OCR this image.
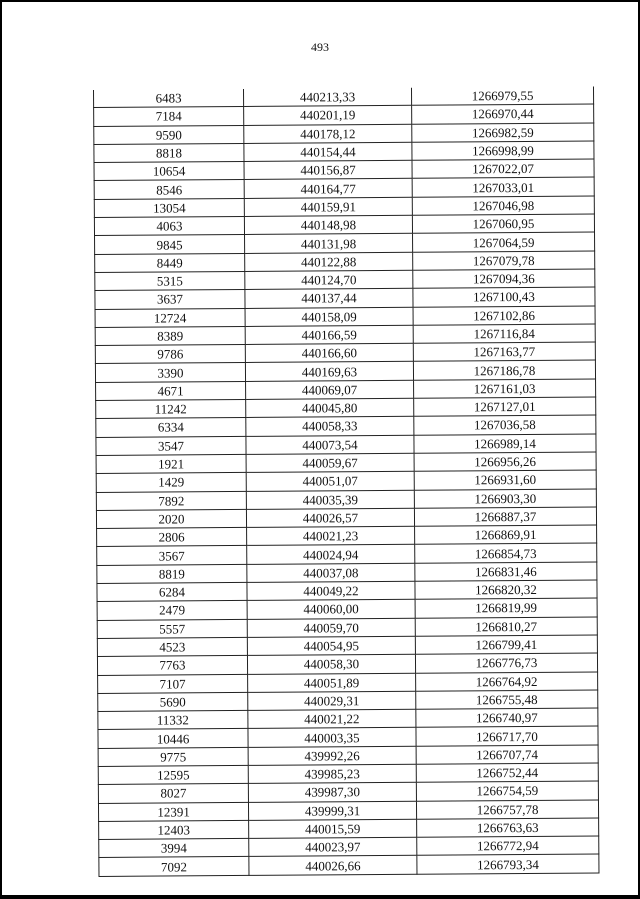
493
6483	440213,33	1266979,55
7184	440201,19	1266970,44
9590	440178,12	1266982,59
8818	440154,44	1266998,99
10654	440156,87	1267022,07
8546	440164,77	1267033,01
13054	440159,91	1267046,98
4063	440148,98	1267060,95
9845	440131,98	1267064,59
8449	440122,88	1267079,78
5315	440124,70	1267094,36
3637	440137,44	1267100,43
12724	440158,09	1267102,86
8389	440166,59	1267116,84
9786	440166,60	1267163,77
3390	440169,63	1267186,78
4671	440069,07	1267161,03
11242	440045,80	1267127,01
6334	440058,33	1267036,58
3547	440073,54	1266989,14
1921	440059,67	1266956,26
1429	440051,07	1266931,60
7892	440035,39	1266903,30
2020	440026,57	1266887,37
2806	440021,23	1266869,91
3567	440024,94	1266854,73
8819	440037,08	1266831,46
6284	440049,22	1266820,32
2479	440060,00	1266819,99
5557	440059,70	1266810,27
4523	440054,95	1266799,41
7763	440058,30	1266776,73
7107	440051,89	1266764,92
5690	440029,31	1266755,48
11332	440021,22	1266740,97
10446	440003,35	1266717,70
9775	439992,26	1266707,74
12595	439985,23	1266752,44
8027	439987,30	1266754,59
12391	439999,31	1266757,78
12403	440015,59	1266763,63
3994	440023,97	1266772,94
7092	440026,66	1266793,34
